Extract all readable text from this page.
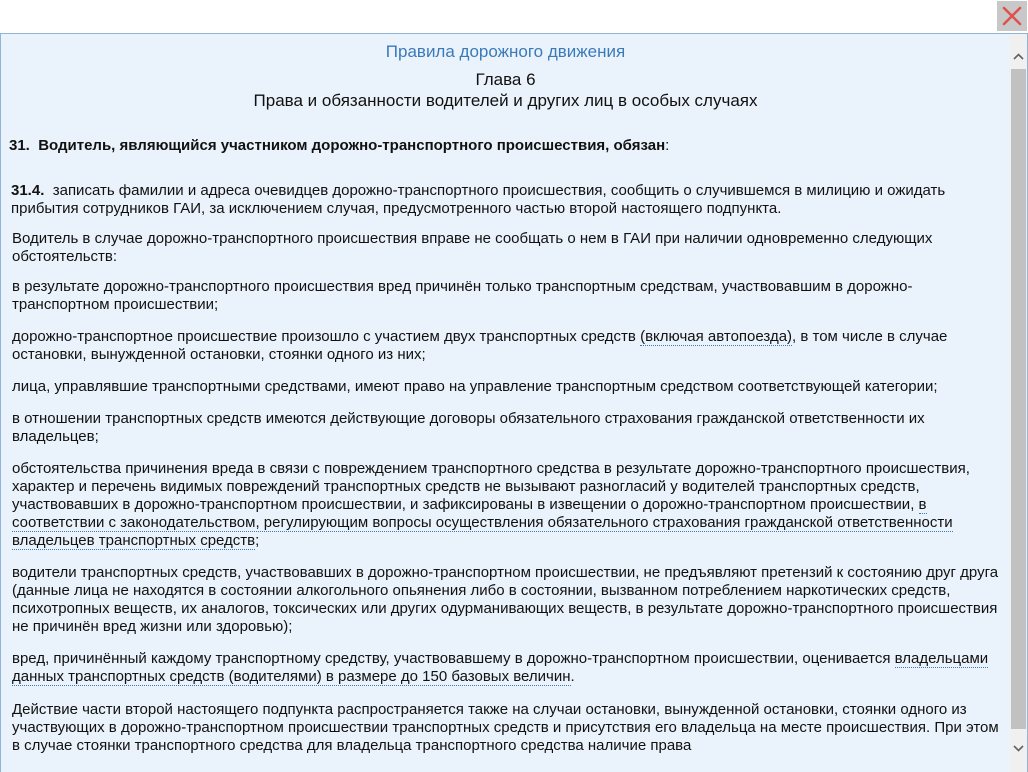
Правила дорожного движения
Глава 6
Права и обязанности водителей и других лиц в особых случаях
31. Водитель, являющийся участником дорожно-транспортного происшествия, обязан:
31.4. записать фамилии и адреса очевидцев дорожно-транспортного происшествия, сообщить о случившемся в милицию и ожидать прибытия сотрудников ГАИ, за исключением случая, предусмотренного частью второй настоящего подпункта.
Водитель в случае дорожно-транспортного происшествия вправе не сообщать о нем в ГАИ при наличии одновременно следующих обстоятельств:
в результате дорожно-транспортного происшествия вред причинён только транспортным средствам, участвовавшим в дорожно-транспортном происшествии;
дорожно-транспортное происшествие произошло с участием двух транспортных средств (включая автопоезда), в том числе в случае остановки, вынужденной остановки, стоянки одного из них;
лица, управлявшие транспортными средствами, имеют право на управление транспортным средством соответствующей категории;
в отношении транспортных средств имеются действующие договоры обязательного страхования гражданской ответственности их владельцев;
обстоятельства причинения вреда в связи с повреждением транспортного средства в результате дорожно-транспортного происшествия, характер и перечень видимых повреждений транспортных средств не вызывают разногласий у водителей транспортных средств, участвовавших в дорожно-транспортном происшествии, и зафиксированы в извещении о дорожно-транспортном происшествии, в соответствии с законодательством, регулирующим вопросы осуществления обязательного страхования гражданской ответственности владельцев транспортных средств;
водители транспортных средств, участвовавших в дорожно-транспортном происшествии, не предъявляют претензий к состоянию друг друга (данные лица не находятся в состоянии алкогольного опьянения либо в состоянии, вызванном потреблением наркотических средств, психотропных веществ, их аналогов, токсических или других одурманивающих веществ, в результате дорожно-транспортного происшествия не причинён вред жизни или здоровью);
вред, причинённый каждому транспортному средству, участвовавшему в дорожно-транспортном происшествии, оценивается владельцами данных транспортных средств (водителями) в размере до 150 базовых величин.
Действие части второй настоящего подпункта распространяется также на случаи остановки, вынужденной остановки, стоянки одного из участвующих в дорожно-транспортном происшествии транспортных средств и присутствия его владельца на месте происшествия. При этом в случае стоянки транспортного средства для владельца транспортного средства наличие права
